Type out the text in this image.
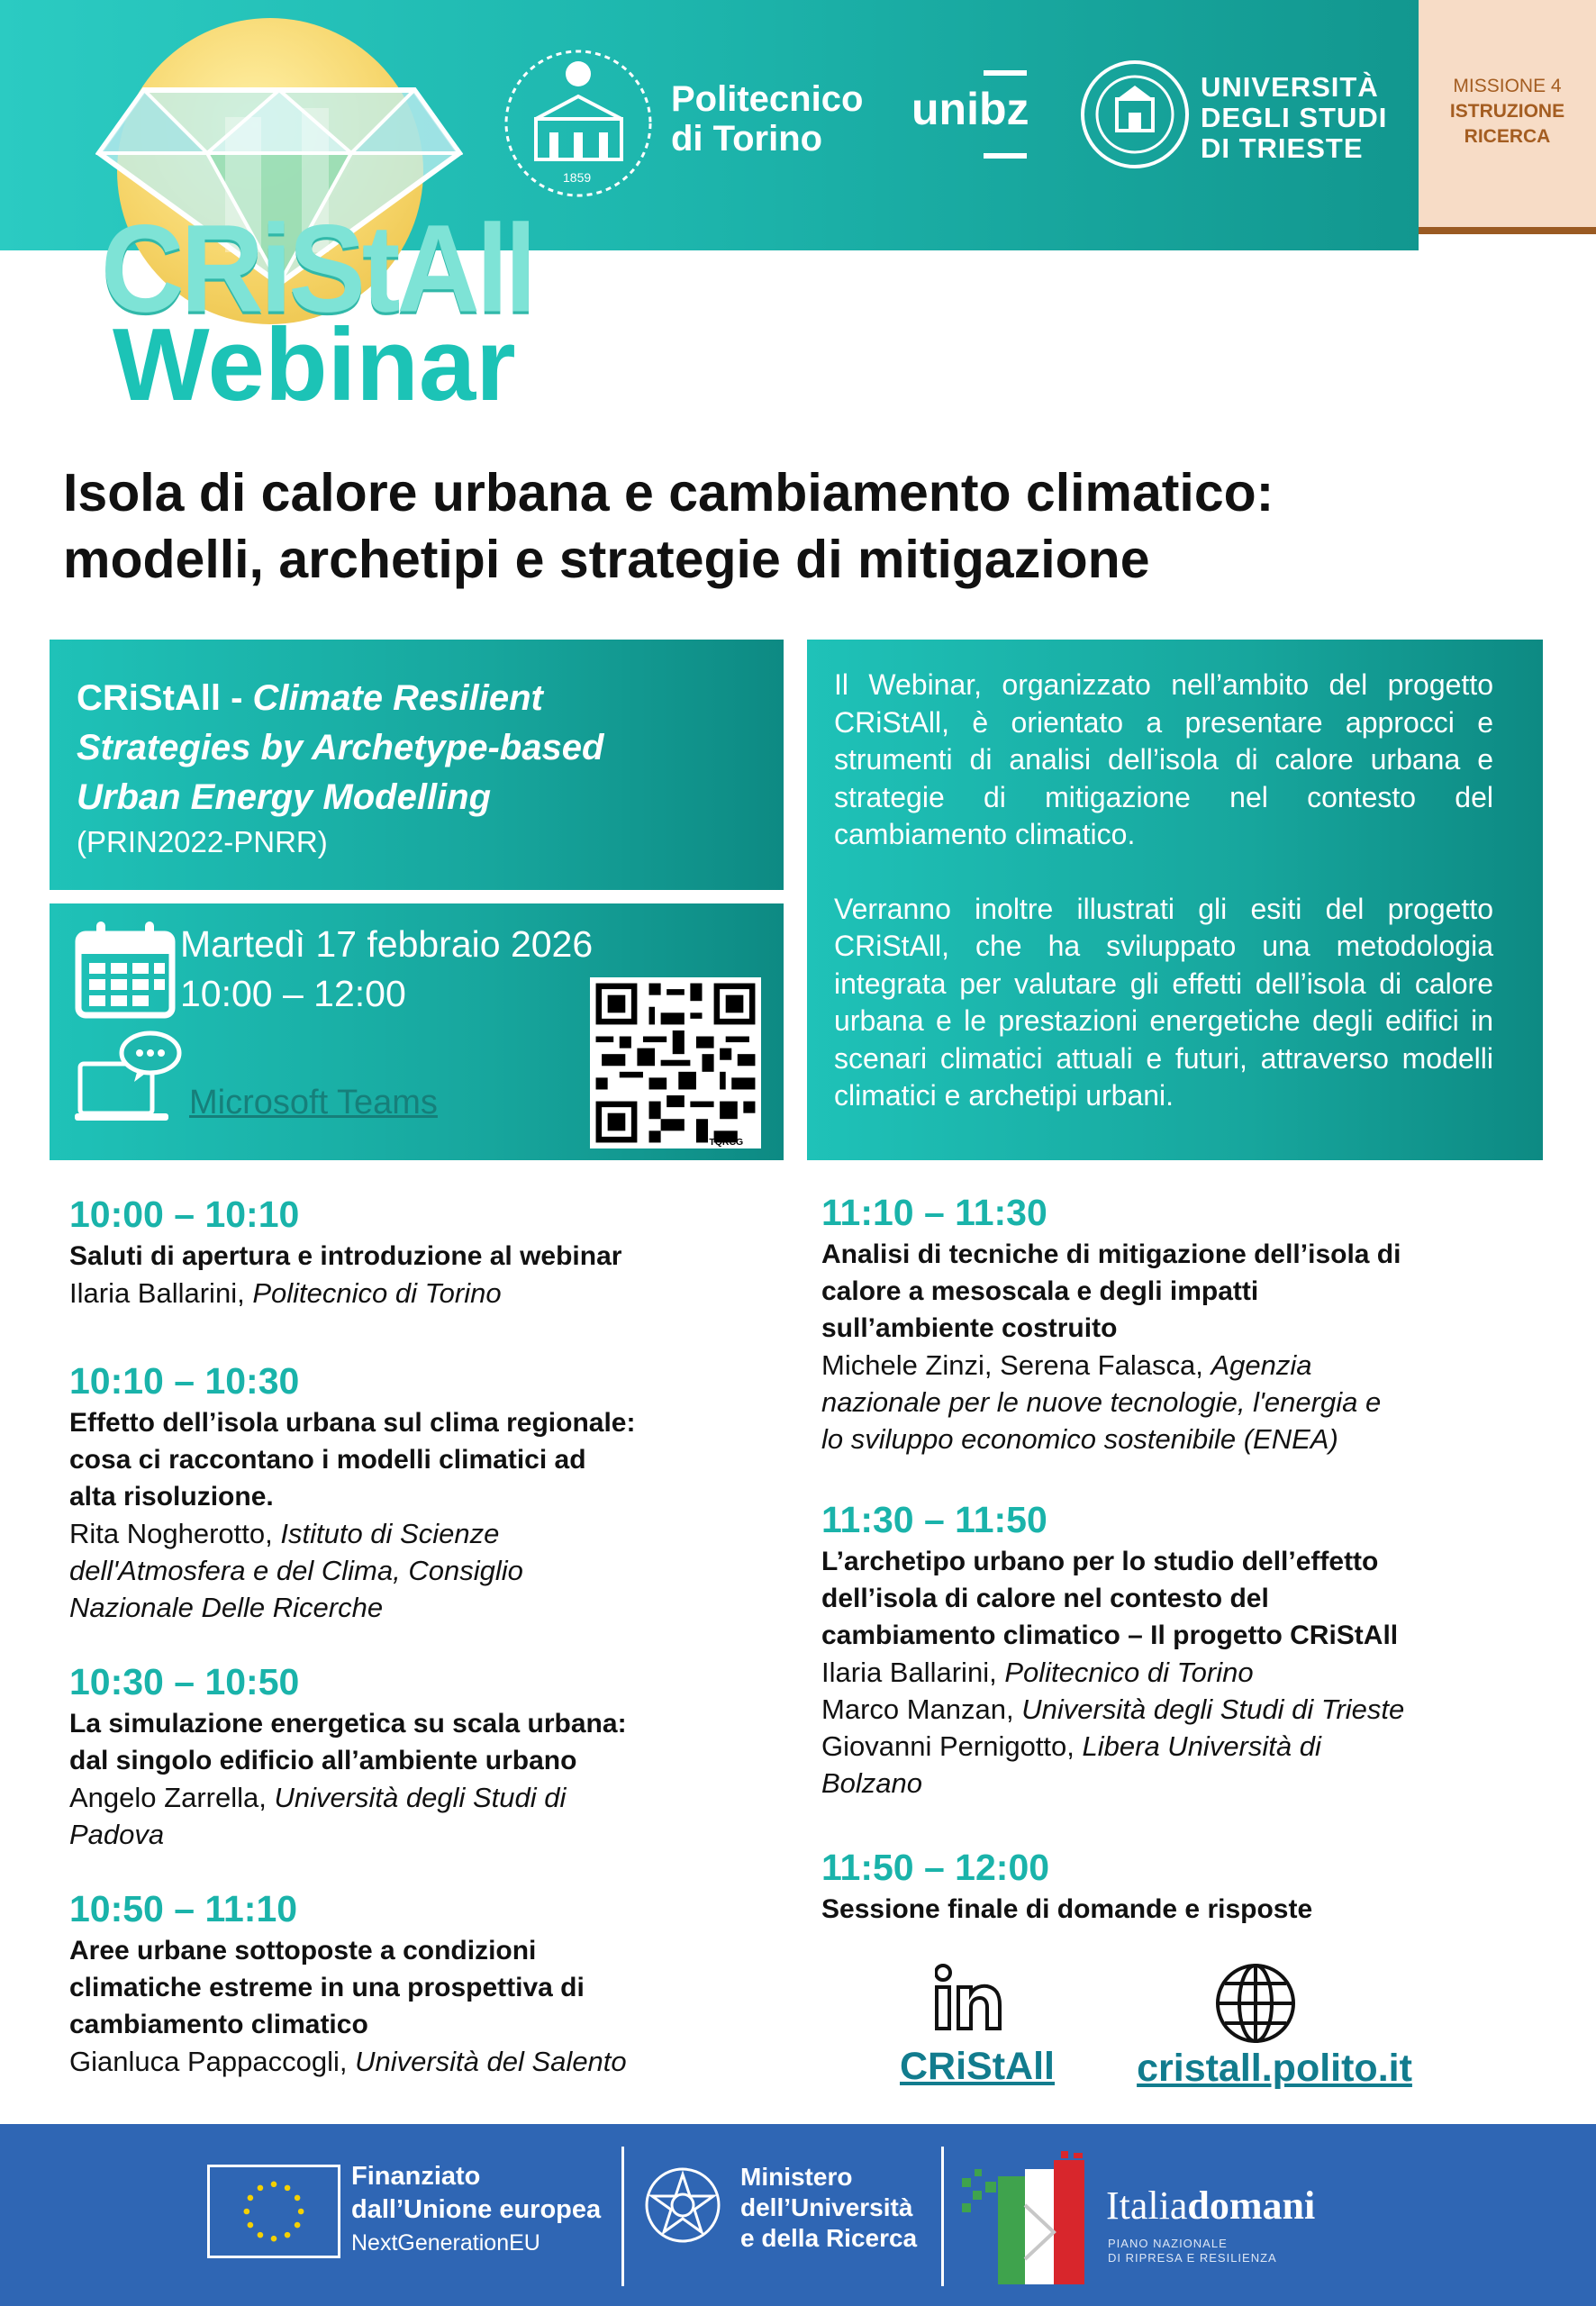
CRiStAll
Webinar
1859
Politecnico
di Torino
unibz	UNIVERSITÀ
DEGLI STUDI
DI TRIESTE
MISSIONE 4
ISTRUZIONE
RICERCA
Isola di calore urbana e cambiamento climatico:
modelli, archetipi e strategie di mitigazione
CRiStAll - Climate Resilient
Strategies by Archetype-based
Urban Energy Modelling
(PRIN2022-PNRR)
Martedì 17 febbraio 2026
10:00 – 12:00
Microsoft Teams
TQRCG

Il Webinar, organizzato nell’ambito del progetto CRiStAll, è orientato a presentare approcci e strumenti di analisi dell’isola di calore urbana e strategie di mitigazione nel contesto del cambiamento climatico.

Verranno inoltre illustrati gli esiti del progetto CRiStAll, che ha sviluppato una metodologia integrata per valutare gli effetti dell’isola di calore urbana e le prestazioni energetiche degli edifici in scenari climatici attuali e futuri, attraverso modelli climatici e archetipi urbani.

10:00 – 10:10
Saluti di apertura e introduzione al webinar
Ilaria Ballarini, Politecnico di Torino
10:10 – 10:30
Effetto dell’isola urbana sul clima regionale:
cosa ci raccontano i modelli climatici ad
alta risoluzione.
Rita Nogherotto, Istituto di Scienze
dell'Atmosfera e del Clima, Consiglio
Nazionale Delle Ricerche
10:30 – 10:50
La simulazione energetica su scala urbana:
dal singolo edificio all’ambiente urbano
Angelo Zarrella, Università degli Studi di
Padova
10:50 – 11:10
Aree urbane sottoposte a condizioni
climatiche estreme in una prospettiva di
cambiamento climatico
Gianluca Pappaccogli, Università del Salento
11:10 – 11:30
Analisi di tecniche di mitigazione dell’isola di
calore a mesoscala e degli impatti
sull’ambiente costruito
Michele Zinzi, Serena Falasca, Agenzia
nazionale per le nuove tecnologie, l'energia e
lo sviluppo economico sostenibile (ENEA)
11:30 – 11:50
L’archetipo urbano per lo studio dell’effetto
dell’isola di calore nel contesto del
cambiamento climatico – Il progetto CRiStAll
Ilaria Ballarini, Politecnico di Torino
Marco Manzan, Università degli Studi di Trieste
Giovanni Pernigotto, Libera Università di
Bolzano
11:50 – 12:00
Sessione finale di domande e risposte
CRiStAll	cristall.polito.it
Finanziato
dall’Unione europea
NextGenerationEU
Ministero
dell’Università
e della Ricerca
Italiadomani
PIANO NAZIONALE
DI RIPRESA E RESILIENZA
